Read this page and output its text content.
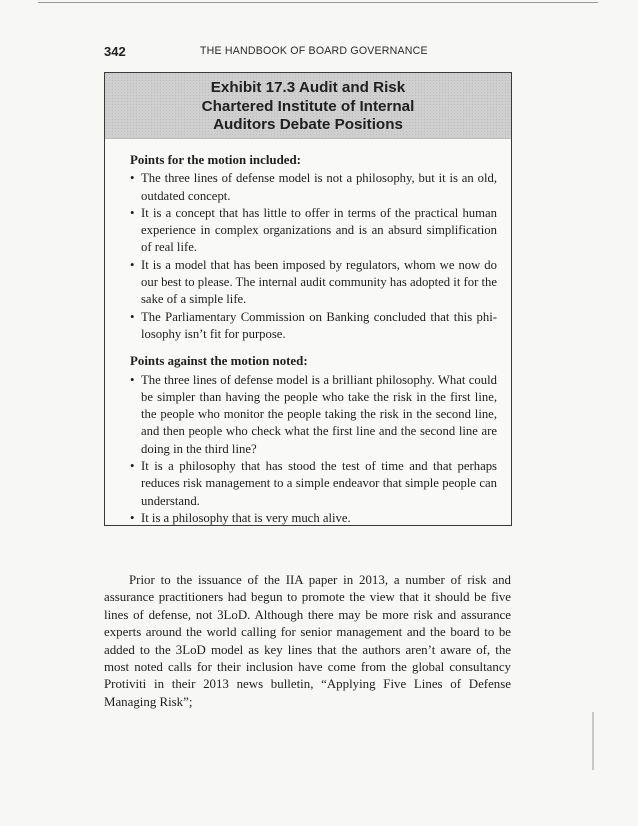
342	THE HANDBOOK OF BOARD GOVERNANCE
Exhibit 17.3 Audit and Risk
Chartered Institute of Internal
Auditors Debate Positions
Points for the motion included:
• The three lines of defense model is not a philosophy, but it is an old, outdated concept.
• It is a concept that has little to offer in terms of the practical human experience in complex organizations and is an absurd simplification of real life.
• It is a model that has been imposed by regulators, whom we now do our best to please. The internal audit community has adopted it for the sake of a simple life.
• The Parliamentary Commission on Banking concluded that this phi-losophy isn’t fit for purpose.
Points against the motion noted:
• The three lines of defense model is a brilliant philosophy. What could be simpler than having the people who take the risk in the first line, the people who monitor the people taking the risk in the second line, and then people who check what the first line and the second line are doing in the third line?
• It is a philosophy that has stood the test of time and that perhaps reduces risk management to a simple endeavor that simple people can understand.
• It is a philosophy that is very much alive.
Prior to the issuance of the IIA paper in 2013, a number of risk and assurance practitioners had begun to promote the view that it should be five lines of defense, not 3LoD. Although there may be more risk and assurance experts around the world calling for senior management and the board to be added to the 3LoD model as key lines that the authors aren’t aware of, the most noted calls for their inclusion have come from the global consultancy Protiviti in their 2013 news bulletin, “Applying Five Lines of Defense Managing Risk”;
